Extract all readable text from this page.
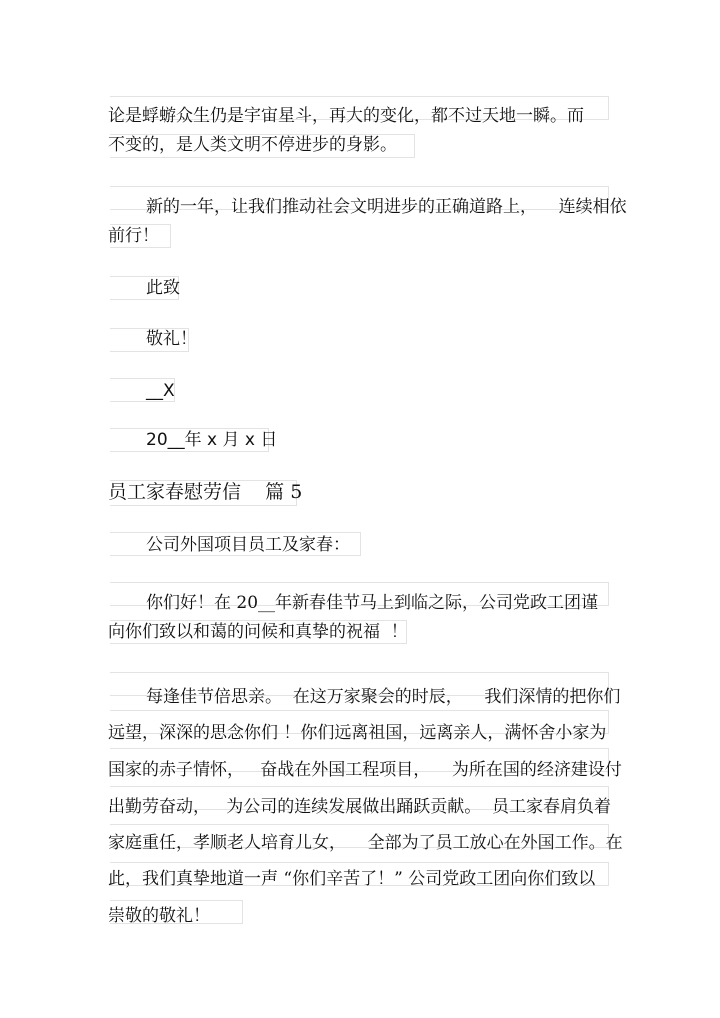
论是蜉蝣众生仍是宇宙星斗，再大的变化，都不过天地一瞬。而
不变的，是人类文明不停进步的身影。
新的一年，让我们推动社会文明进步的正确道路上，    连续相依
前行！
此致
敬礼！
__X
20__年 x 月 x 日
员工家春慰劳信    篇 5
公司外国项目员工及家春：
你们好！在 20__年新春佳节马上到临之际，公司党政工团谨
向你们致以和蔼的问候和真挚的祝福  ！
每逢佳节倍思亲。  在这万家聚会的时辰，    我们深情的把你们
远望，深深的思念你们 ！你们远离祖国，远离亲人，满怀舍小家为
国家的赤子情怀，   奋战在外国工程项目，    为所在国的经济建设付
出勤劳奋动，   为公司的连续发展做出踊跃贡献。  员工家春肩负着
家庭重任，孝顺老人培育儿女，    全部为了员工放心在外国工作。在
此，我们真挚地道一声 “你们辛苦了！” 公司党政工团向你们致以
崇敬的敬礼！
